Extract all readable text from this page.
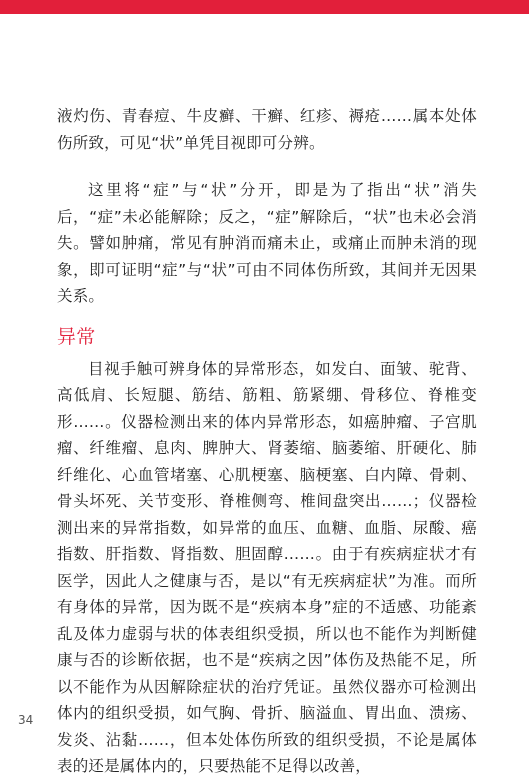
液灼伤、青春痘、牛皮癣、干癣、红疹、褥疮……属本处体伤所致，可见“状”单凭目视即可分辨。

这里将“症”与“状”分开，即是为了指出“状”消失后，“症”未必能解除；反之，“症”解除后，“状”也未必会消失。譬如肿痛，常见有肿消而痛未止，或痛止而肿未消的现象，即可证明“症”与“状”可由不同体伤所致，其间并无因果关系。

异常

目视手触可辨身体的异常形态，如发白、面皱、驼背、高低肩、长短腿、筋结、筋粗、筋紧绷、骨移位、脊椎变形……。仪器检测出来的体内异常形态，如癌肿瘤、子宫肌瘤、纤维瘤、息肉、脾肿大、肾萎缩、脑萎缩、肝硬化、肺纤维化、心血管堵塞、心肌梗塞、脑梗塞、白内障、骨刺、骨头坏死、关节变形、脊椎侧弯、椎间盘突出……；仪器检测出来的异常指数，如异常的血压、血糖、血脂、尿酸、癌指数、肝指数、肾指数、胆固醇……。由于有疾病症状才有医学，因此人之健康与否，是以“有无疾病症状”为准。而所有身体的异常，因为既不是“疾病本身”症的不适感、功能紊乱及体力虚弱与状的体表组织受损，所以也不能作为判断健康与否的诊断依据，也不是“疾病之因”体伤及热能不足，所以不能作为从因解除症状的治疗凭证。虽然仪器亦可检测出体内的组织受损，如气胸、骨折、脑溢血、胃出血、溃疡、发炎、沾黏……，但本处体伤所致的组织受损，不论是属体表的还是属体内的，只要热能不足得以改善，

34
